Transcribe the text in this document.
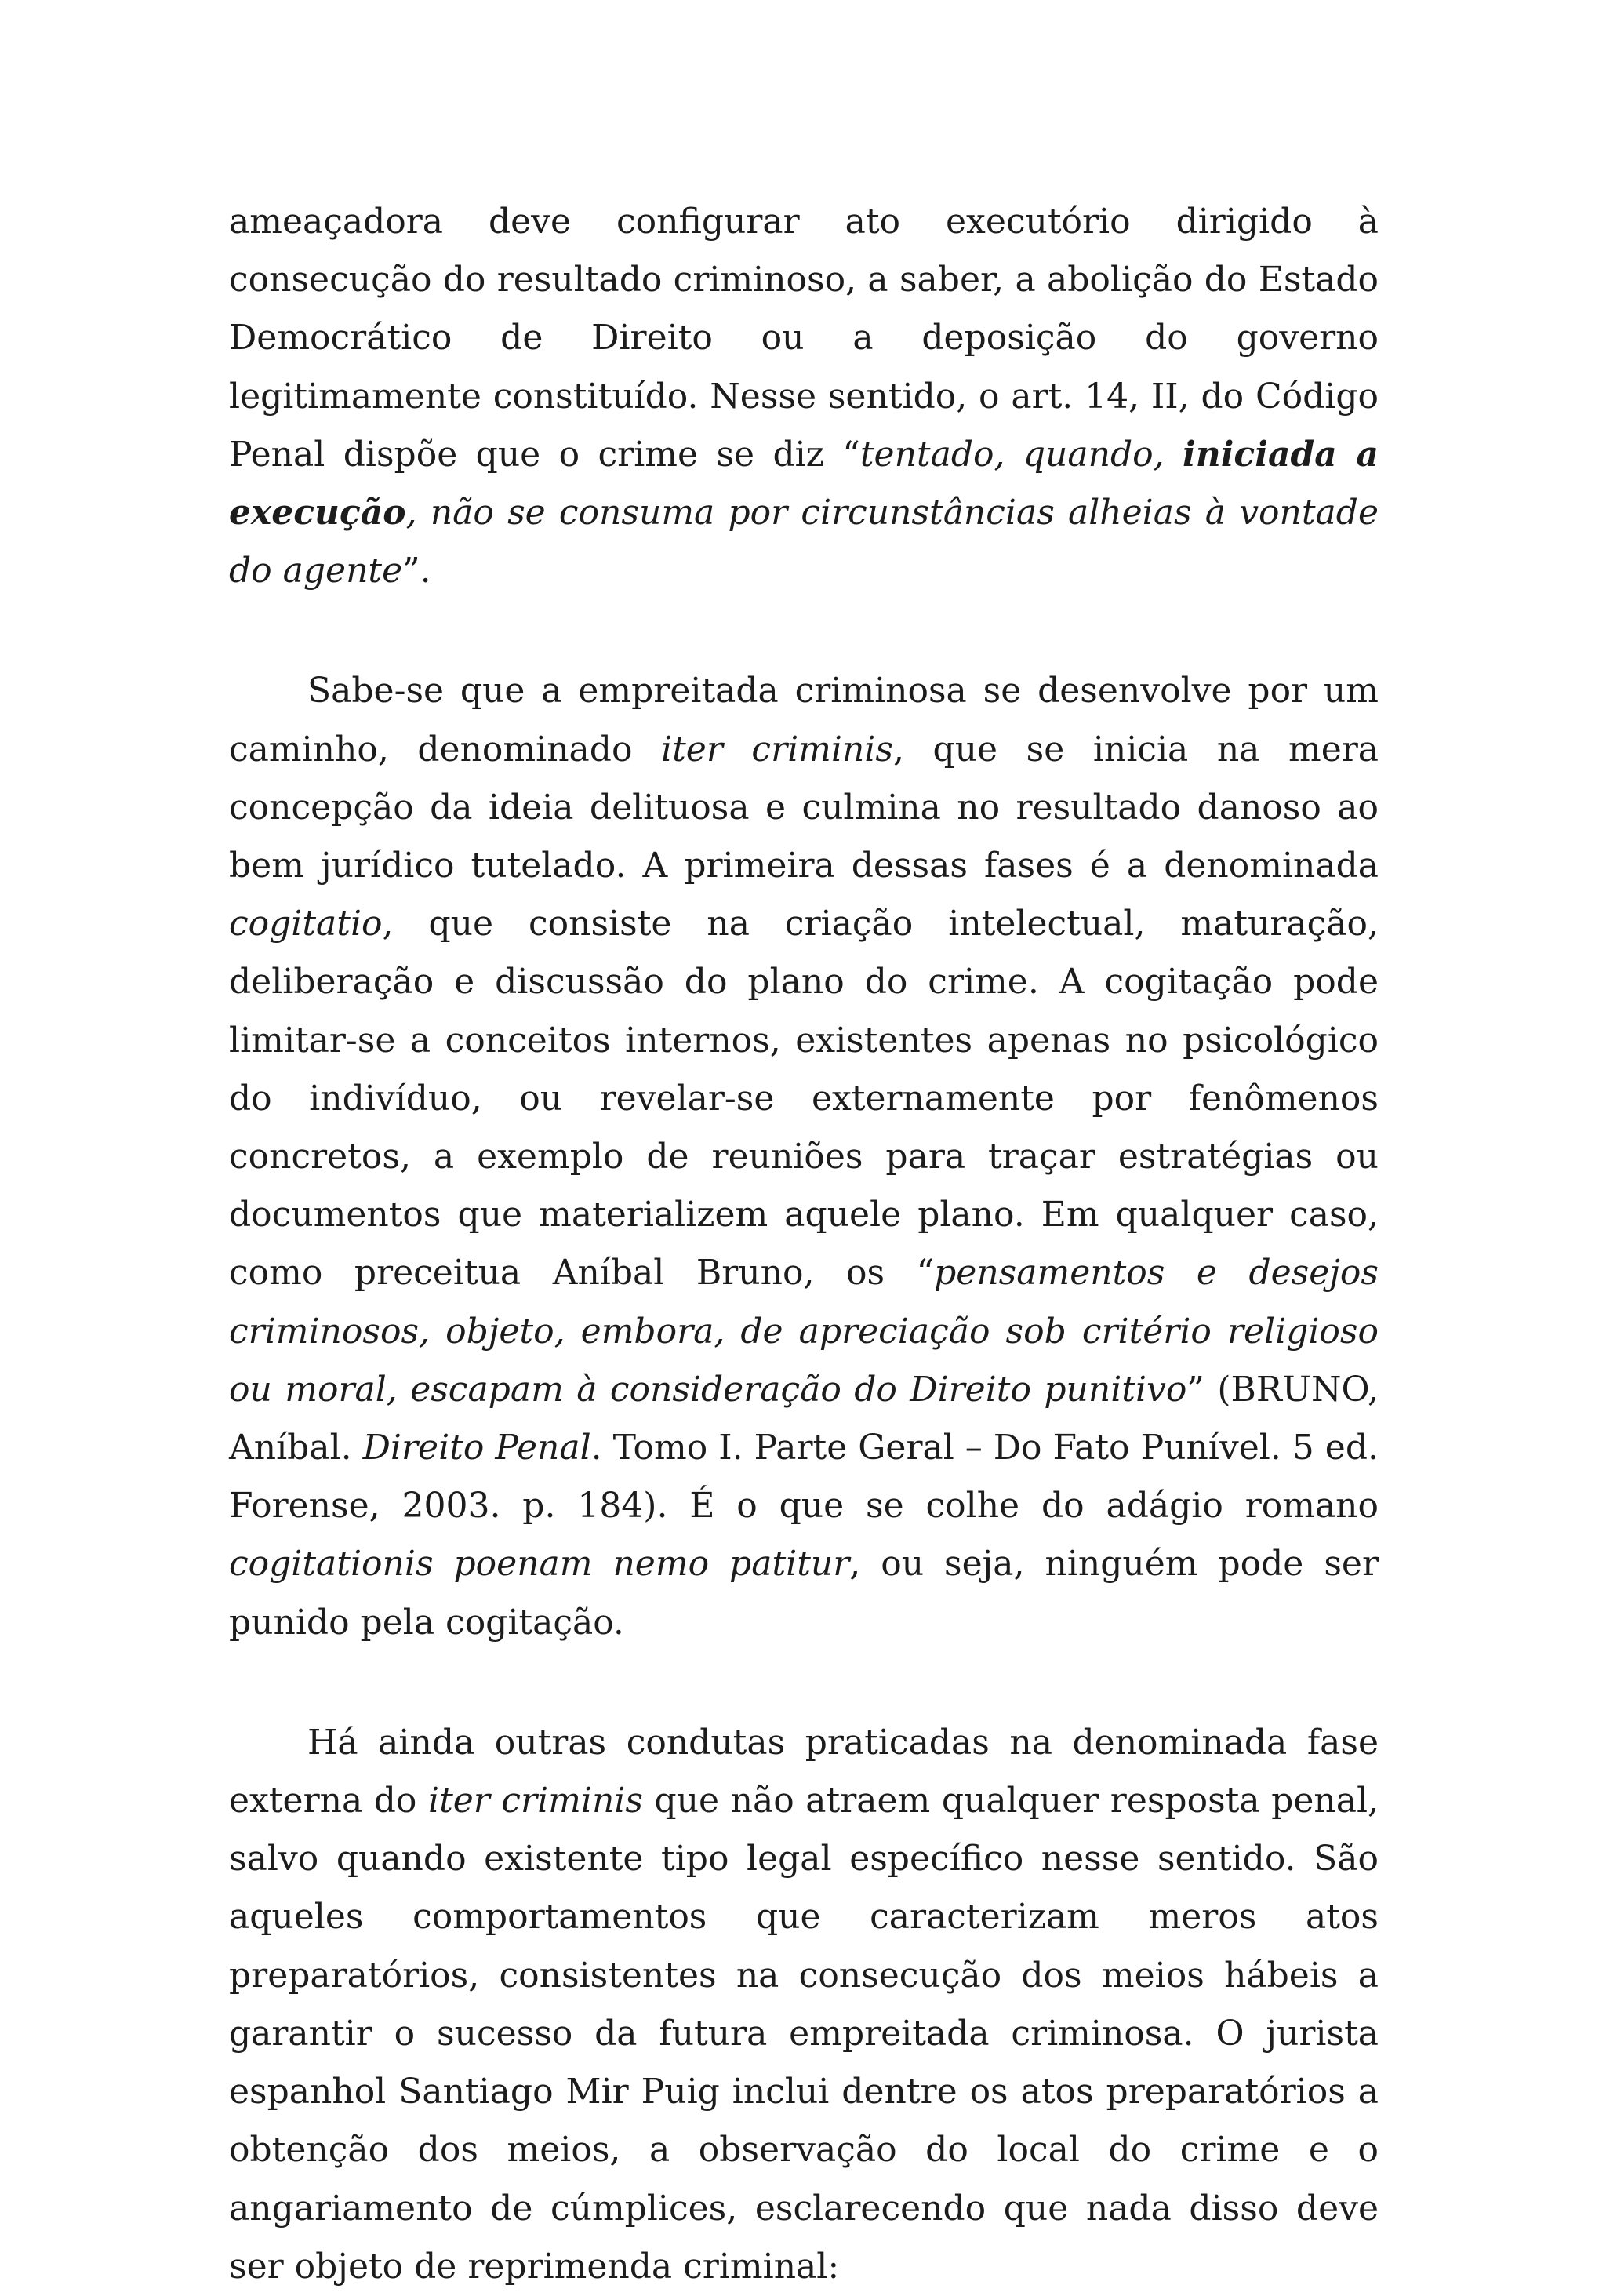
ameaçadora deve configurar ato executório dirigido à consecução do resultado criminoso, a saber, a abolição do Estado Democrático de Direito ou a deposição do governo legitimamente constituído. Nesse sentido, o art. 14, II, do Código Penal dispõe que o crime se diz “tentado, quando, iniciada a execução, não se consuma por circunstâncias alheias à vontade do agente”.

Sabe-se que a empreitada criminosa se desenvolve por um caminho, denominado iter criminis, que se inicia na mera concepção da ideia delituosa e culmina no resultado danoso ao bem jurídico tutelado. A primeira dessas fases é a denominada cogitatio, que consiste na criação intelectual, maturação, deliberação e discussão do plano do crime. A cogitação pode limitar-se a conceitos internos, existentes apenas no psicológico do indivíduo, ou revelar-se externamente por fenômenos concretos, a exemplo de reuniões para traçar estratégias ou documentos que materializem aquele plano. Em qualquer caso, como preceitua Aníbal Bruno, os “pensamentos e desejos criminosos, objeto, embora, de apreciação sob critério religioso ou moral, escapam à consideração do Direito punitivo” (BRUNO, Aníbal. Direito Penal. Tomo I. Parte Geral – Do Fato Punível. 5 ed. Forense, 2003. p. 184). É o que se colhe do adágio romano cogitationis poenam nemo patitur, ou seja, ninguém pode ser punido pela cogitação.

Há ainda outras condutas praticadas na denominada fase externa do iter criminis que não atraem qualquer resposta penal, salvo quando existente tipo legal específico nesse sentido. São aqueles comportamentos que caracterizam meros atos preparatórios, consistentes na consecução dos meios hábeis a garantir o sucesso da futura empreitada criminosa. O jurista espanhol Santiago Mir Puig inclui dentre os atos preparatórios a obtenção dos meios, a observação do local do crime e o angariamento de cúmplices, esclarecendo que nada disso deve ser objeto de reprimenda criminal:
